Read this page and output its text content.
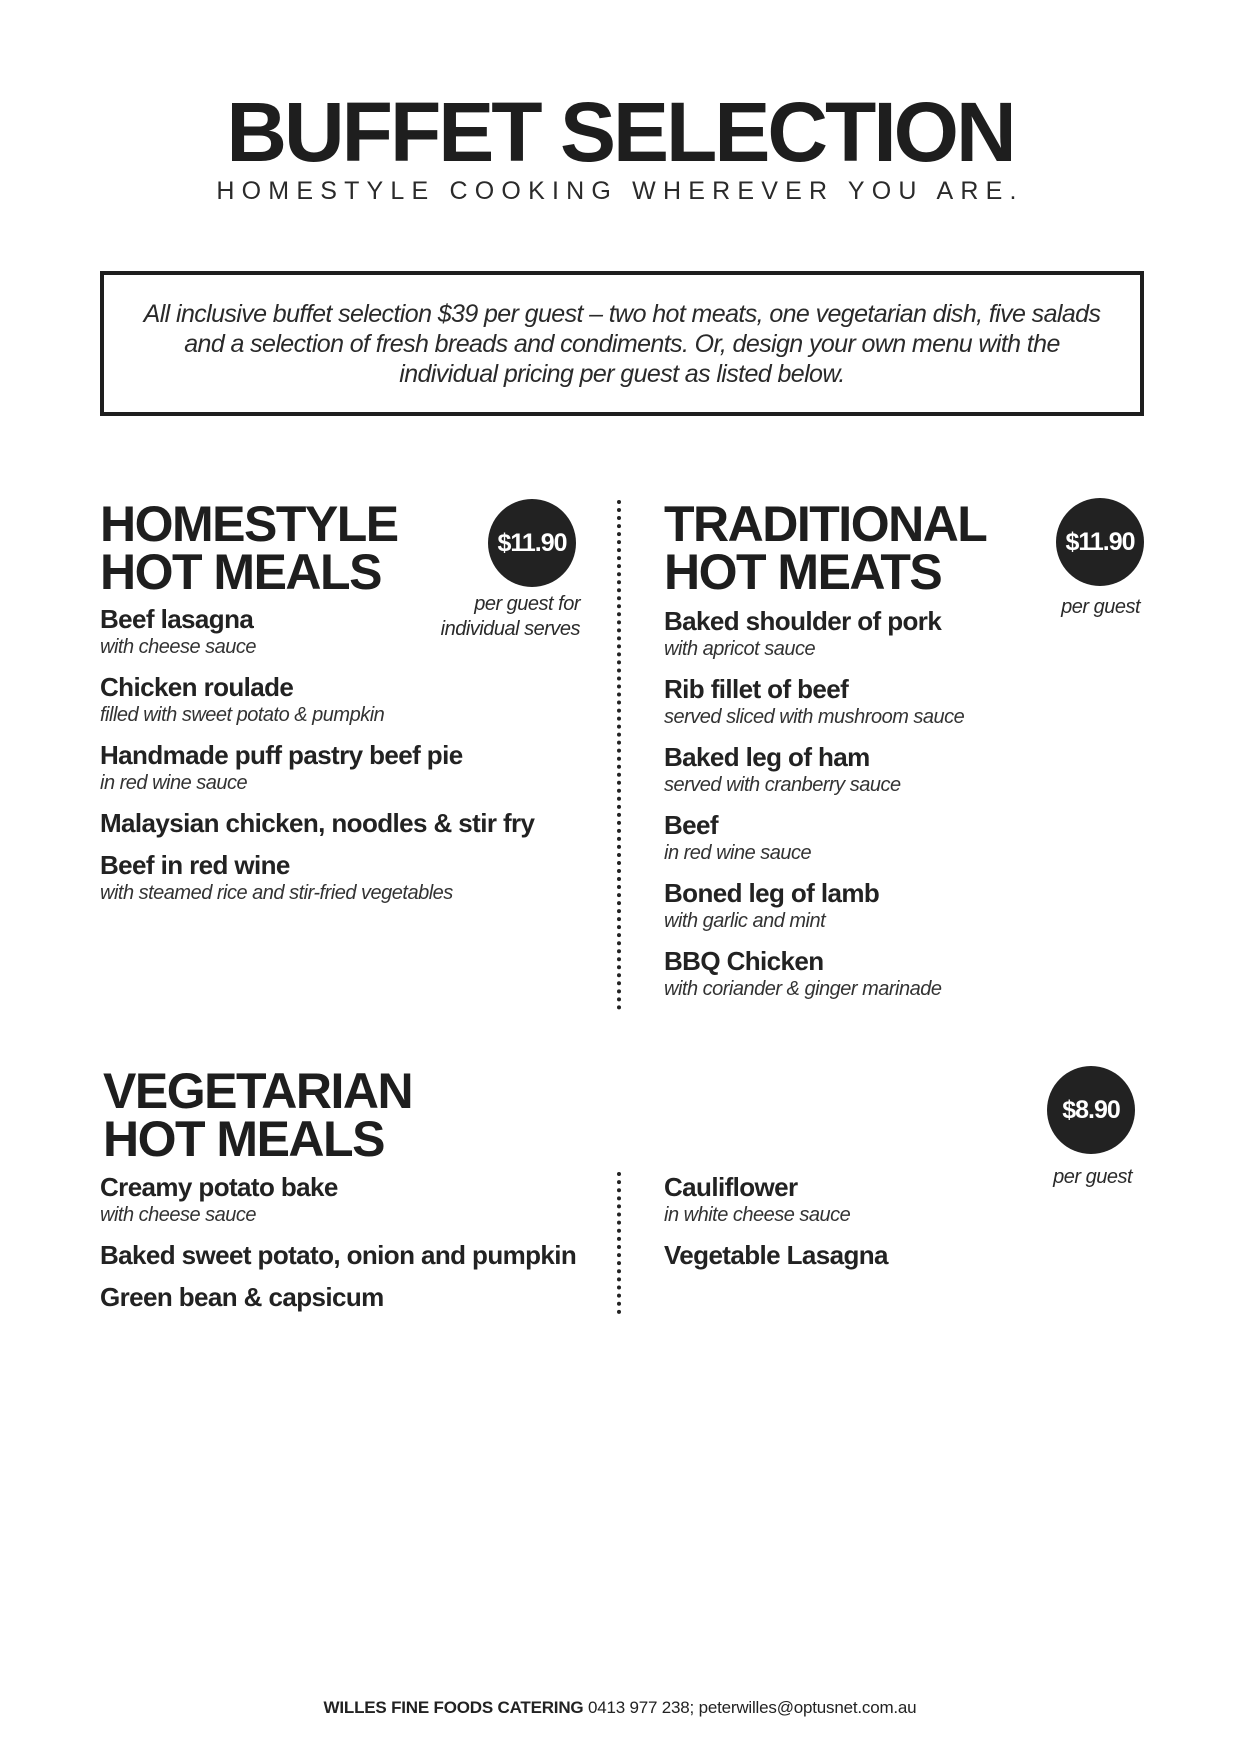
BUFFET SELECTION
HOMESTYLE COOKING WHEREVER YOU ARE.
All inclusive buffet selection $39 per guest – two hot meats, one vegetarian dish, five salads and a selection of fresh breads and condiments. Or, design your own menu with the individual pricing per guest as listed below.
HOMESTYLE
HOT MEALS
$11.90
per guest for
individual serves
Beef lasagna
with cheese sauce
Chicken roulade
filled with sweet potato & pumpkin
Handmade puff pastry beef pie
in red wine sauce
Malaysian chicken, noodles & stir fry
Beef in red wine
with steamed rice and stir-fried vegetables
TRADITIONAL
HOT MEATS
$11.90
per guest
Baked shoulder of pork
with apricot sauce
Rib fillet of beef
served sliced with mushroom sauce
Baked leg of ham
served with cranberry sauce
Beef
in red wine sauce
Boned leg of lamb
with garlic and mint
BBQ Chicken
with coriander & ginger marinade
VEGETARIAN
HOT MEALS
$8.90
per guest
Creamy potato bake
with cheese sauce
Baked sweet potato, onion and pumpkin
Green bean & capsicum
Cauliflower
in white cheese sauce
Vegetable Lasagna
WILLES FINE FOODS CATERING 0413 977 238; peterwilles@optusnet.com.au
